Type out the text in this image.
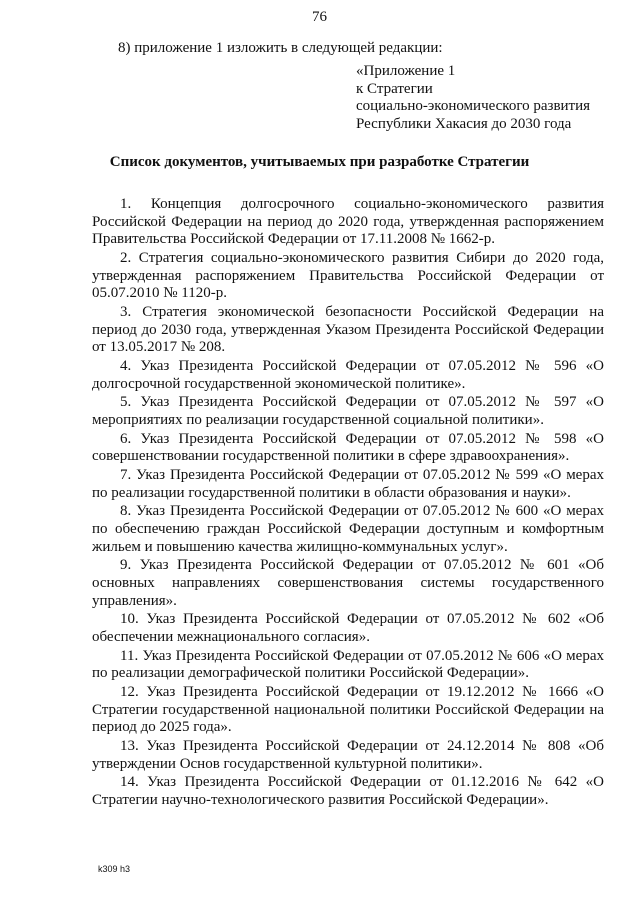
76
8) приложение 1 изложить в следующей редакции:
«Приложение 1
к Стратегии
социально-экономического развития
Республики Хакасия до 2030 года
Список документов, учитываемых при разработке Стратегии

1. Концепция долгосрочного социально-экономического развития Российской Федерации на период до 2020 года, утвержденная распоряжением Правительства Российской Федерации от 17.11.2008 № 1662-р.

2. Стратегия социально-экономического развития Сибири до 2020 года, утвержденная распоряжением Правительства Российской Федерации от 05.07.2010 № 1120-р.

3. Стратегия экономической безопасности Российской Федерации на период до 2030 года, утвержденная Указом Президента Российской Федерации от 13.05.2017 № 208.

4. Указ Президента Российской Федерации от 07.05.2012 № 596 «О долгосрочной государственной экономической политике».

5. Указ Президента Российской Федерации от 07.05.2012 № 597 «О мероприятиях по реализации государственной социальной политики».

6. Указ Президента Российской Федерации от 07.05.2012 № 598 «О совершенствовании государственной политики в сфере здравоохранения».

7. Указ Президента Российской Федерации от 07.05.2012 № 599 «О мерах по реализации государственной политики в области образования и науки».

8. Указ Президента Российской Федерации от 07.05.2012 № 600 «О мерах по обеспечению граждан Российской Федерации доступным и комфортным жильем и повышению качества жилищно-коммунальных услуг».

9. Указ Президента Российской Федерации от 07.05.2012 № 601 «Об основных направлениях совершенствования системы государственного управления».

10. Указ Президента Российской Федерации от 07.05.2012 № 602 «Об обеспечении межнационального согласия».

11. Указ Президента Российской Федерации от 07.05.2012 № 606 «О мерах по реализации демографической политики Российской Федерации».

12. Указ Президента Российской Федерации от 19.12.2012 № 1666 «О Стратегии государственной национальной политики Российской Федерации на период до 2025 года».

13. Указ Президента Российской Федерации от 24.12.2014 № 808 «Об утверждении Основ государственной культурной политики».

14. Указ Президента Российской Федерации от 01.12.2016 № 642 «О Стратегии научно-технологического развития Российской Федерации».

k309 h3
